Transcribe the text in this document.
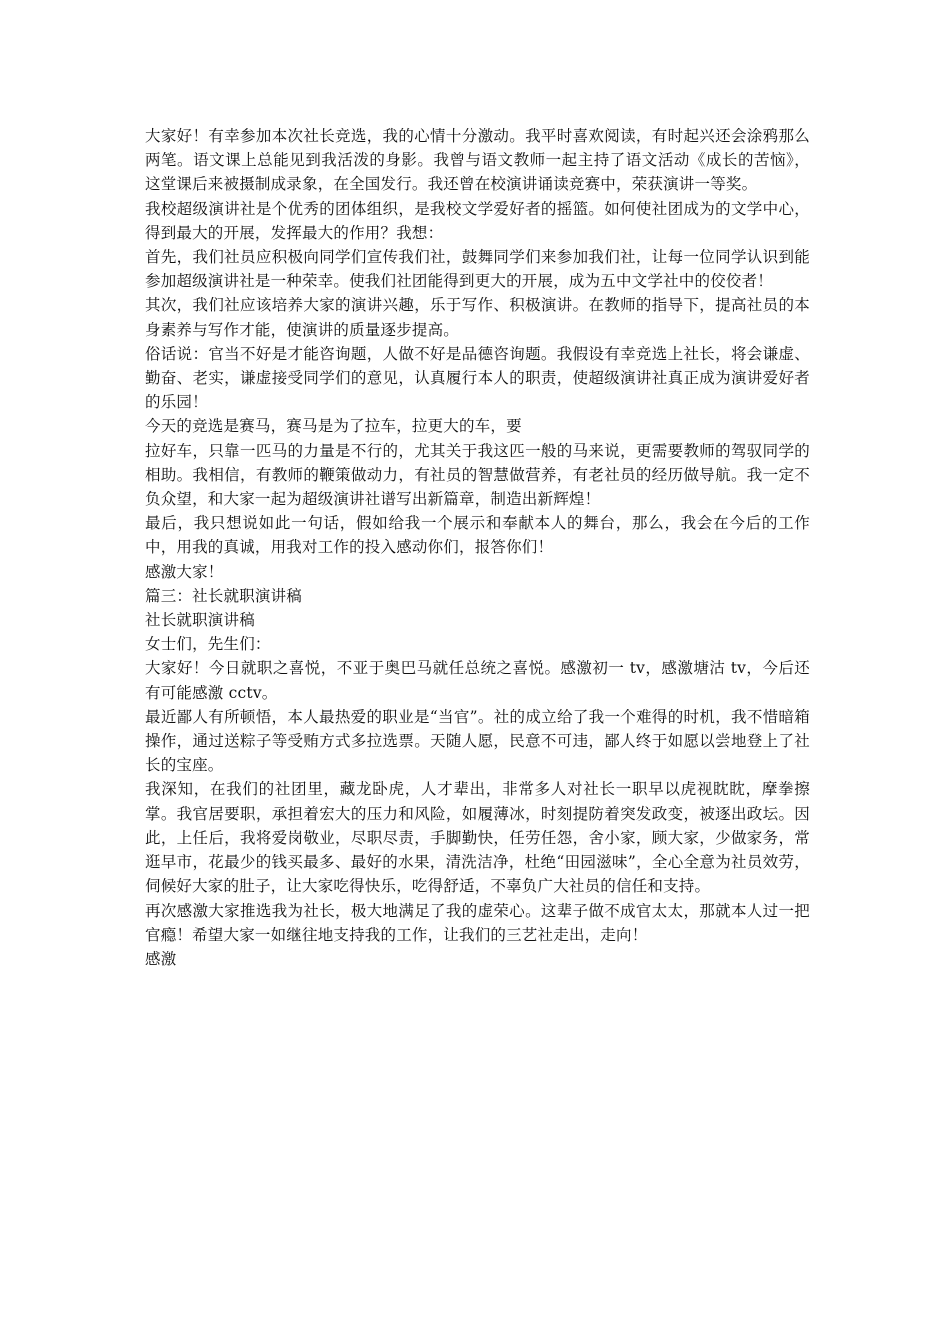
大家好！有幸参加本次社长竞选，我的心情十分激动。我平时喜欢阅读，有时起兴还会涂鸦那么两笔。语文课上总能见到我活泼的身影。我曾与语文教师一起主持了语文活动《成长的苦恼》，这堂课后来被摄制成录象，在全国发行。我还曾在校演讲诵读竞赛中，荣获演讲一等奖。

我校超级演讲社是个优秀的团体组织，是我校文学爱好者的摇篮。如何使社团成为的文学中心，得到最大的开展，发挥最大的作用？我想：

首先，我们社员应积极向同学们宣传我们社，鼓舞同学们来参加我们社，让每一位同学认识到能参加超级演讲社是一种荣幸。使我们社团能得到更大的开展，成为五中文学社中的佼佼者！

其次，我们社应该培养大家的演讲兴趣，乐于写作、积极演讲。在教师的指导下，提高社员的本身素养与写作才能，使演讲的质量逐步提高。

俗话说：官当不好是才能咨询题，人做不好是品德咨询题。我假设有幸竞选上社长，将会谦虚、勤奋、老实，谦虚接受同学们的意见，认真履行本人的职责，使超级演讲社真正成为演讲爱好者的乐园！

今天的竞选是赛马，赛马是为了拉车，拉更大的车，要

拉好车，只靠一匹马的力量是不行的，尤其关于我这匹一般的马来说，更需要教师的驾驭同学的相助。我相信，有教师的鞭策做动力，有社员的智慧做营养，有老社员的经历做导航。我一定不负众望，和大家一起为超级演讲社谱写出新篇章，制造出新辉煌！

最后，我只想说如此一句话，假如给我一个展示和奉献本人的舞台，那么，我会在今后的工作中，用我的真诚，用我对工作的投入感动你们，报答你们！

感激大家！

篇三：社长就职演讲稿

社长就职演讲稿

女士们，先生们：

大家好！今日就职之喜悦，不亚于奥巴马就任总统之喜悦。感激初一 tv，感激塘沽 tv，今后还有可能感激 cctv。

最近鄙人有所顿悟，本人最热爱的职业是“当官”。社的成立给了我一个难得的时机，我不惜暗箱操作，通过送粽子等受贿方式多拉选票。天随人愿，民意不可违，鄙人终于如愿以尝地登上了社长的宝座。

我深知，在我们的社团里，藏龙卧虎，人才辈出，非常多人对社长一职早以虎视眈眈，摩拳擦掌。我官居要职，承担着宏大的压力和风险，如履薄冰，时刻提防着突发政变，被逐出政坛。因此，上任后，我将爱岗敬业，尽职尽责，手脚勤快，任劳任怨，舍小家，顾大家，少做家务，常逛早市，花最少的钱买最多、最好的水果，清洗洁净，杜绝“田园滋味”，全心全意为社员效劳，伺候好大家的肚子，让大家吃得快乐，吃得舒适，不辜负广大社员的信任和支持。

再次感激大家推选我为社长，极大地满足了我的虚荣心。这辈子做不成官太太，那就本人过一把官瘾！希望大家一如继往地支持我的工作，让我们的三艺社走出，走向！

感激
